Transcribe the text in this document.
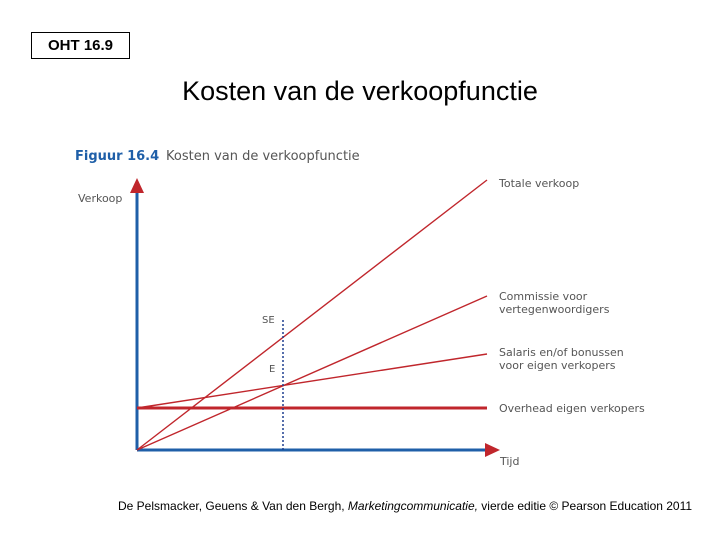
OHT 16.9
Kosten van de verkoopfunctie
Figuur 16.4 Kosten van de verkoopfunctie
Verkoop
Tijd
SE
E
Totale verkoop
Commissie voor
vertegenwoordigers
Salaris en/of bonussen
voor eigen verkopers
Overhead eigen verkopers
De Pelsmacker, Geuens & Van den Bergh, Marketingcommunicatie, vierde editie © Pearson Education 2011
